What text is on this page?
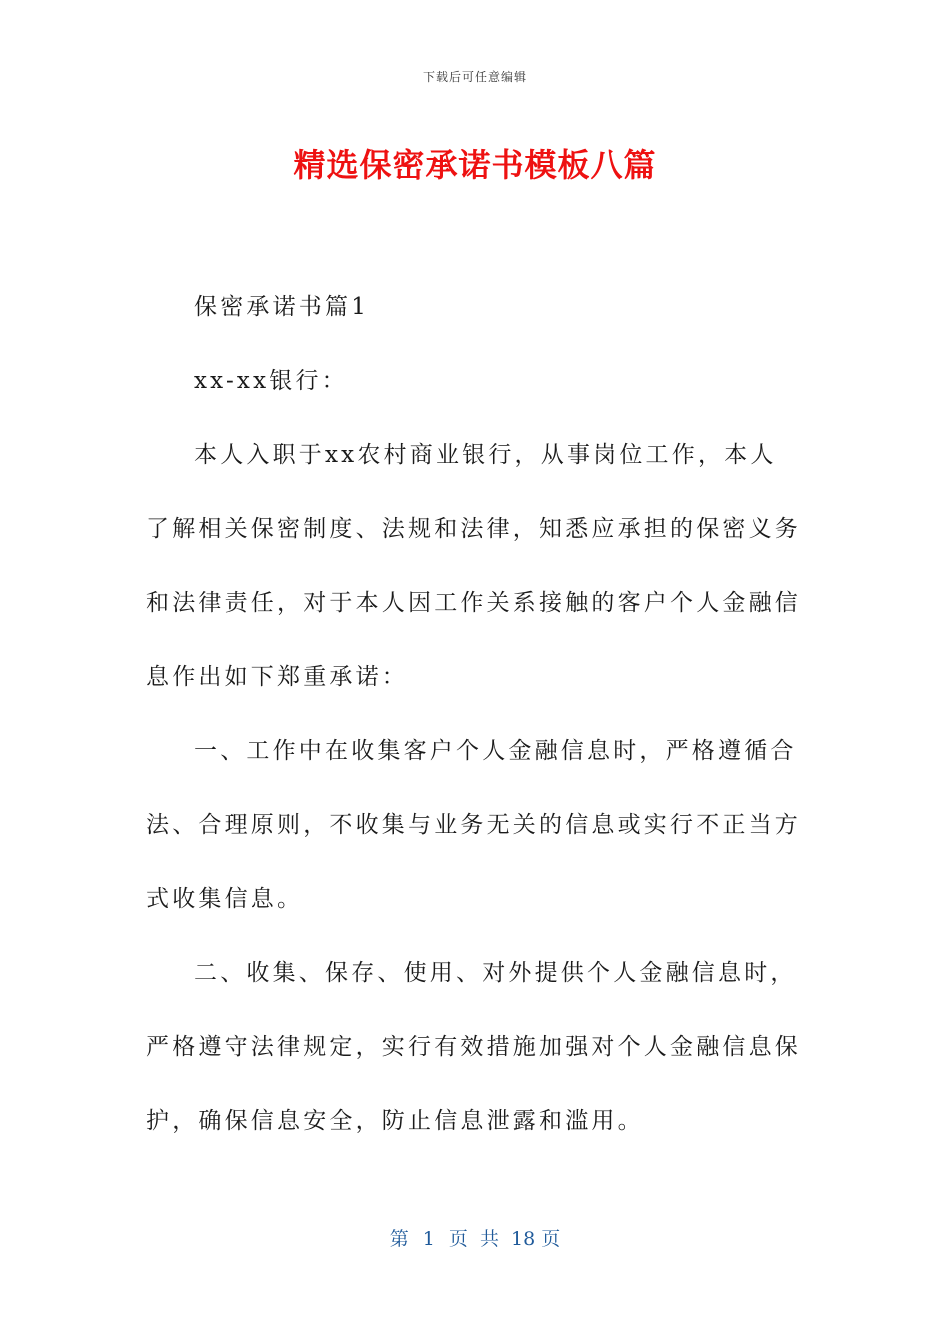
下载后可任意编辑
精选保密承诺书模板八篇

保密承诺书篇1

xx-xx银行：

本人入职于xx农村商业银行，从事岗位工作，本人了解相关保密制度、法规和法律，知悉应承担的保密义务和法律责任，对于本人因工作关系接触的客户个人金融信息作出如下郑重承诺：

一、工作中在收集客户个人金融信息时，严格遵循合法、合理原则，不收集与业务无关的信息或实行不正当方式收集信息。

二、收集、保存、使用、对外提供个人金融信息时，严格遵守法律规定，实行有效措施加强对个人金融信息保护，确保信息安全，防止信息泄露和滥用。

第 1 页  共 18 页
